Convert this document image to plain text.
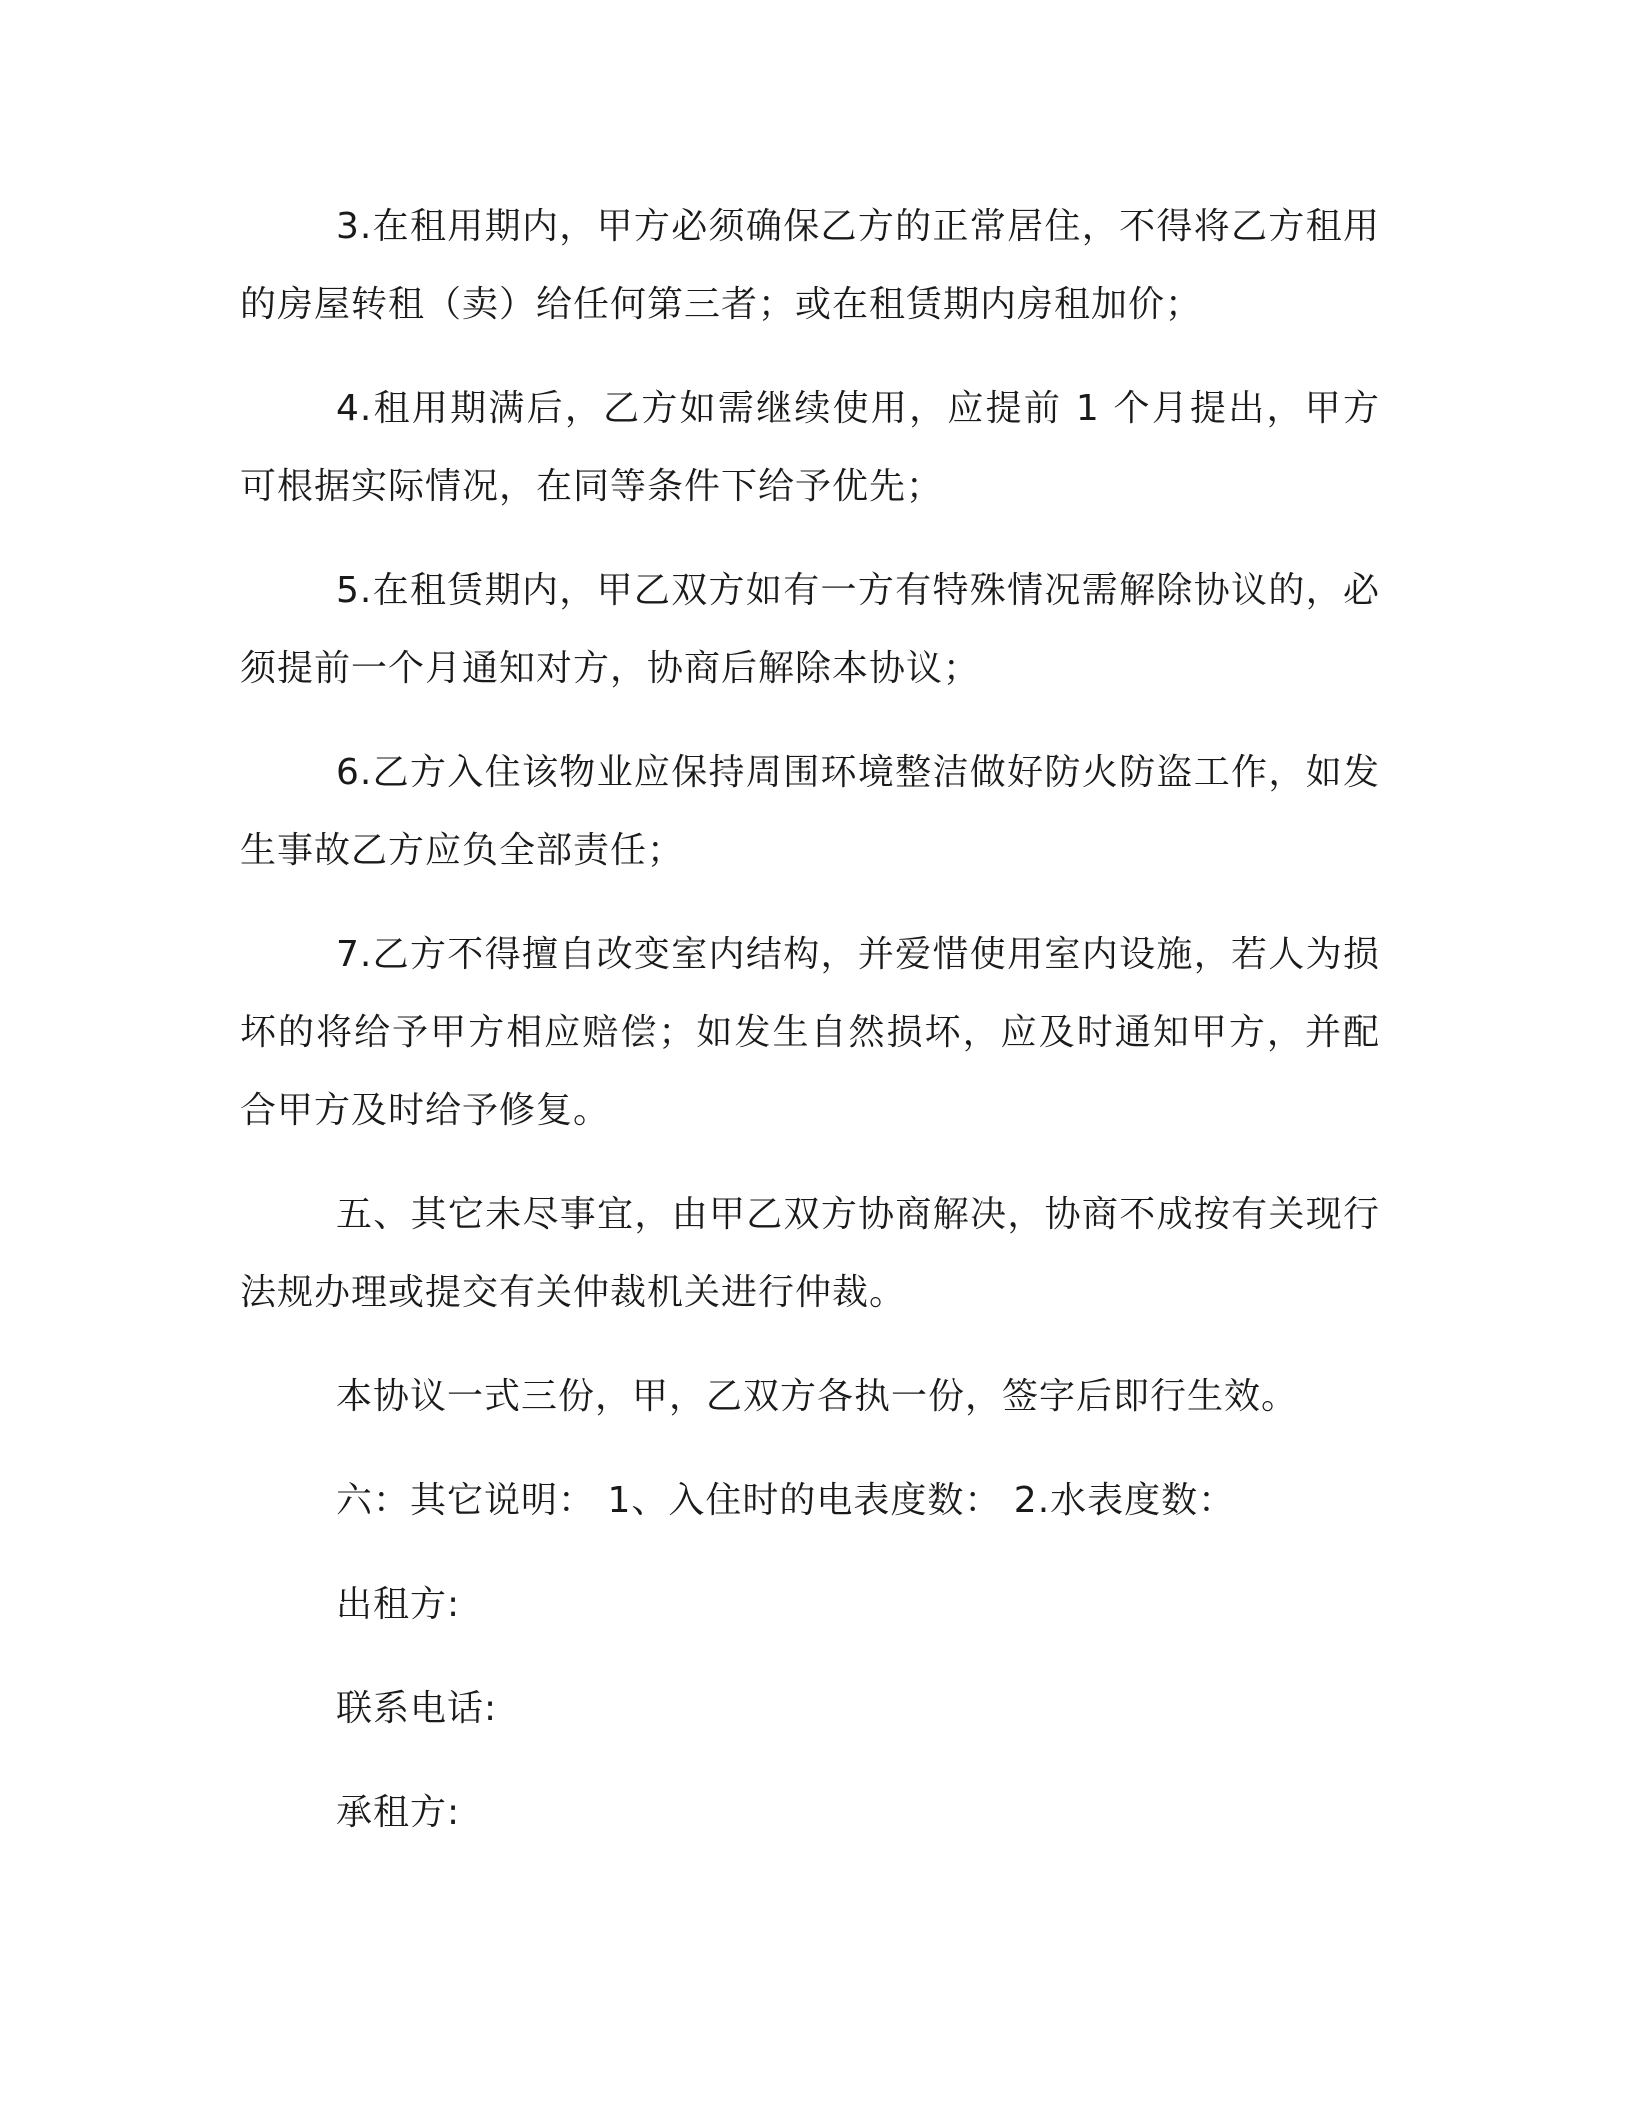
3.在租用期内，甲方必须确保乙方的正常居住，不得将乙方租用的房屋转租（卖）给任何第三者；或在租赁期内房租加价；

4.租用期满后，乙方如需继续使用，应提前 1 个月提出，甲方可根据实际情况，在同等条件下给予优先；

5.在租赁期内，甲乙双方如有一方有特殊情况需解除协议的，必须提前一个月通知对方，协商后解除本协议；

6.乙方入住该物业应保持周围环境整洁做好防火防盗工作，如发生事故乙方应负全部责任；

7.乙方不得擅自改变室内结构，并爱惜使用室内设施，若人为损坏的将给予甲方相应赔偿；如发生自然损坏，应及时通知甲方，并配合甲方及时给予修复。

五、其它未尽事宜，由甲乙双方协商解决，协商不成按有关现行法规办理或提交有关仲裁机关进行仲裁。

本协议一式三份，甲，乙双方各执一份，签字后即行生效。
六：其它说明： 1、入住时的电表度数： 2.水表度数：
出租方:
联系电话:
承租方:
